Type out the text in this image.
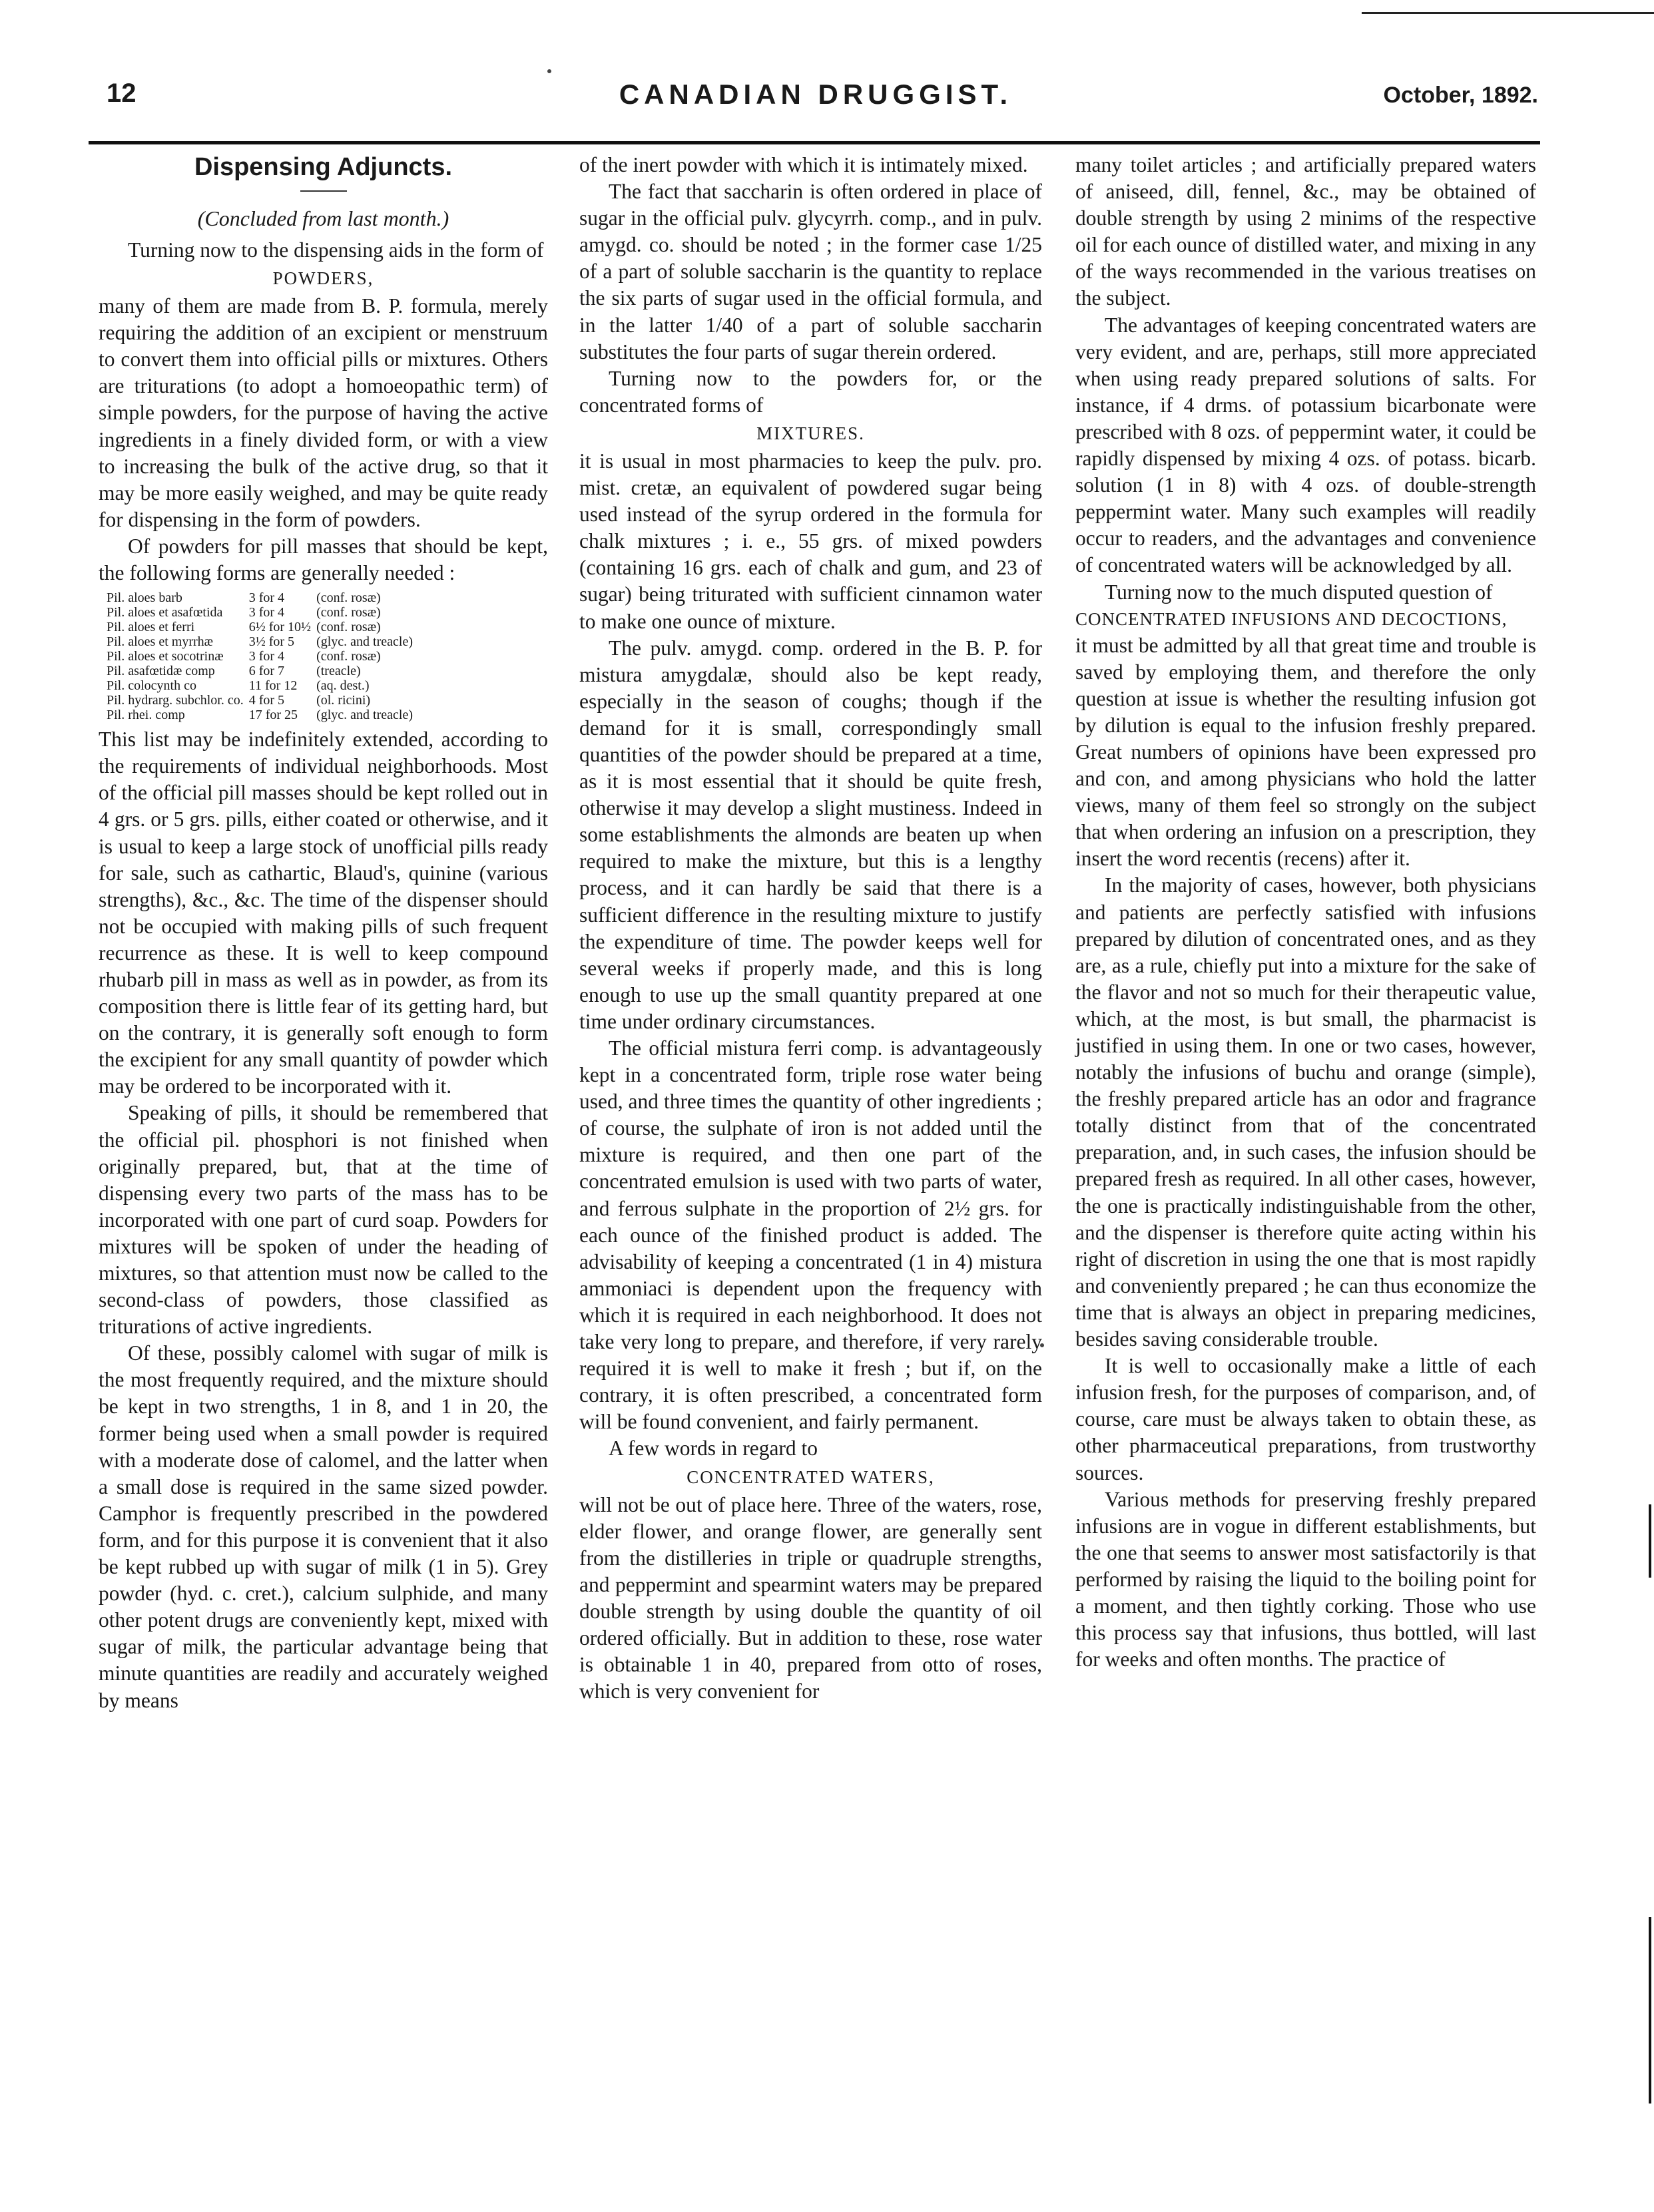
12	CANADIAN DRUGGIST.	October, 1892.
Dispensing Adjuncts.
(Concluded from last month.)

Turning now to the dispensing aids in the form of

POWDERS,

many of them are made from B. P. formula, merely requiring the addition of an excipient or menstruum to convert them into official pills or mixtures. Others are triturations (to adopt a homoeopathic term) of simple powders, for the purpose of having the active ingredients in a finely divided form, or with a view to increasing the bulk of the active drug, so that it may be more easily weighed, and may be quite ready for dispensing in the form of powders.

Of powders for pill masses that should be kept, the following forms are generally needed :

Pil. aloes barb	3 for 4	(conf. rosæ)
Pil. aloes et asafœtida	3 for 4	(conf. rosæ)
Pil. aloes et ferri	6½ for 10½	(conf. rosæ)
Pil. aloes et myrrhæ	3½ for 5	(glyc. and treacle)
Pil. aloes et socotrinæ	3 for 4	(conf. rosæ)
Pil. asafœtidæ comp	6 for 7	(treacle)
Pil. colocynth co	11 for 12	(aq. dest.)
Pil. hydrarg. subchlor. co.	4 for 5	(ol. ricini)
Pil. rhei. comp	17 for 25	(glyc. and treacle)

This list may be indefinitely extended, according to the requirements of individual neighborhoods. Most of the official pill masses should be kept rolled out in 4 grs. or 5 grs. pills, either coated or otherwise, and it is usual to keep a large stock of unofficial pills ready for sale, such as cathartic, Blaud's, quinine (various strengths), &c., &c. The time of the dispenser should not be occupied with making pills of such frequent recurrence as these. It is well to keep compound rhubarb pill in mass as well as in powder, as from its composition there is little fear of its getting hard, but on the contrary, it is generally soft enough to form the excipient for any small quantity of powder which may be ordered to be incorporated with it.

Speaking of pills, it should be remembered that the official pil. phosphori is not finished when originally prepared, but, that at the time of dispensing every two parts of the mass has to be incorporated with one part of curd soap. Powders for mixtures will be spoken of under the heading of mixtures, so that attention must now be called to the second-class of powders, those classified as triturations of active ingredients.

Of these, possibly calomel with sugar of milk is the most frequently required, and the mixture should be kept in two strengths, 1 in 8, and 1 in 20, the former being used when a small powder is required with a moderate dose of calomel, and the latter when a small dose is required in the same sized powder. Camphor is frequently prescribed in the powdered form, and for this purpose it is convenient that it also be kept rubbed up with sugar of milk (1 in 5). Grey powder (hyd. c. cret.), calcium sulphide, and many other potent drugs are conveniently kept, mixed with sugar of milk, the particular advantage being that minute quantities are readily and accurately weighed by means

of the inert powder with which it is intimately mixed.

The fact that saccharin is often ordered in place of sugar in the official pulv. glycyrrh. comp., and in pulv. amygd. co. should be noted ; in the former case 1/25 of a part of soluble saccharin is the quantity to replace the six parts of sugar used in the official formula, and in the latter 1/40 of a part of soluble saccharin substitutes the four parts of sugar therein ordered.

Turning now to the powders for, or the concentrated forms of

MIXTURES.

it is usual in most pharmacies to keep the pulv. pro. mist. cretæ, an equivalent of powdered sugar being used instead of the syrup ordered in the formula for chalk mixtures ; i. e., 55 grs. of mixed powders (containing 16 grs. each of chalk and gum, and 23 of sugar) being triturated with sufficient cinnamon water to make one ounce of mixture.

The pulv. amygd. comp. ordered in the B. P. for mistura amygdalæ, should also be kept ready, especially in the season of coughs; though if the demand for it is small, correspondingly small quantities of the powder should be prepared at a time, as it is most essential that it should be quite fresh, otherwise it may develop a slight mustiness. Indeed in some establishments the almonds are beaten up when required to make the mixture, but this is a lengthy process, and it can hardly be said that there is a sufficient difference in the resulting mixture to justify the expenditure of time. The powder keeps well for several weeks if properly made, and this is long enough to use up the small quantity prepared at one time under ordinary circumstances.

The official mistura ferri comp. is advantageously kept in a concentrated form, triple rose water being used, and three times the quantity of other ingredients ; of course, the sulphate of iron is not added until the mixture is required, and then one part of the concentrated emulsion is used with two parts of water, and ferrous sulphate in the proportion of 2½ grs. for each ounce of the finished product is added. The advisability of keeping a concentrated (1 in 4) mistura ammoniaci is dependent upon the frequency with which it is required in each neighborhood. It does not take very long to prepare, and therefore, if very rarely required it is well to make it fresh ; but if, on the contrary, it is often prescribed, a concentrated form will be found convenient, and fairly permanent.

A few words in regard to

CONCENTRATED WATERS,

will not be out of place here. Three of the waters, rose, elder flower, and orange flower, are generally sent from the distilleries in triple or quadruple strengths, and peppermint and spearmint waters may be prepared double strength by using double the quantity of oil ordered officially. But in addition to these, rose water is obtainable 1 in 40, prepared from otto of roses, which is very convenient for

many toilet articles ; and artificially prepared waters of aniseed, dill, fennel, &c., may be obtained of double strength by using 2 minims of the respective oil for each ounce of distilled water, and mixing in any of the ways recommended in the various treatises on the subject.

The advantages of keeping concentrated waters are very evident, and are, perhaps, still more appreciated when using ready prepared solutions of salts. For instance, if 4 drms. of potassium bicarbonate were prescribed with 8 ozs. of peppermint water, it could be rapidly dispensed by mixing 4 ozs. of potass. bicarb. solution (1 in 8) with 4 ozs. of double-strength peppermint water. Many such examples will readily occur to readers, and the advantages and convenience of concentrated waters will be acknowledged by all.

Turning now to the much disputed question of

CONCENTRATED INFUSIONS AND DECOCTIONS,

it must be admitted by all that great time and trouble is saved by employing them, and therefore the only question at issue is whether the resulting infusion got by dilution is equal to the infusion freshly prepared. Great numbers of opinions have been expressed pro and con, and among physicians who hold the latter views, many of them feel so strongly on the subject that when ordering an infusion on a prescription, they insert the word recentis (recens) after it.

In the majority of cases, however, both physicians and patients are perfectly satisfied with infusions prepared by dilution of concentrated ones, and as they are, as a rule, chiefly put into a mixture for the sake of the flavor and not so much for their therapeutic value, which, at the most, is but small, the pharmacist is justified in using them. In one or two cases, however, notably the infusions of buchu and orange (simple), the freshly prepared article has an odor and fragrance totally distinct from that of the concentrated preparation, and, in such cases, the infusion should be prepared fresh as required. In all other cases, however, the one is practically indistinguishable from the other, and the dispenser is therefore quite acting within his right of discretion in using the one that is most rapidly and conveniently prepared ; he can thus economize the time that is always an object in preparing medicines, besides saving considerable trouble.

It is well to occasionally make a little of each infusion fresh, for the purposes of comparison, and, of course, care must be always taken to obtain these, as other pharmaceutical preparations, from trustworthy sources.

Various methods for preserving freshly prepared infusions are in vogue in different establishments, but the one that seems to answer most satisfactorily is that performed by raising the liquid to the boiling point for a moment, and then tightly corking. Those who use this process say that infusions, thus bottled, will last for weeks and often months. The practice of
